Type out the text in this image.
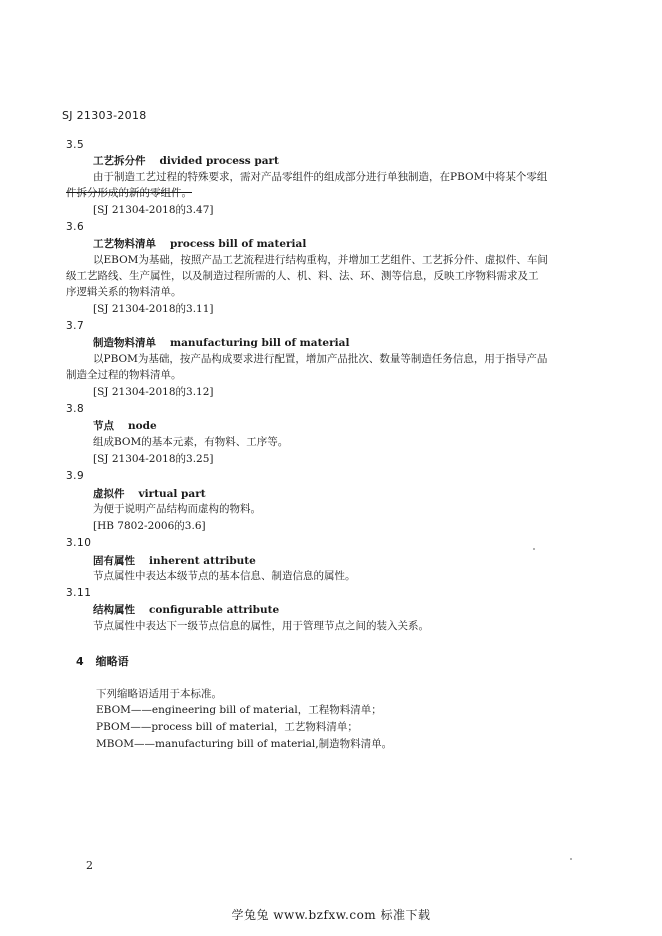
SJ 21303-2018
3.5
工艺拆分件 divided process part
由于制造工艺过程的特殊要求，需对产品零组件的组成部分进行单独制造，在PBOM中将某个零组
件拆分形成的新的零组件。
[SJ 21304-2018的3.47]
3.6
工艺物料清单 process bill of material
以EBOM为基础，按照产品工艺流程进行结构重构，并增加工艺组件、工艺拆分件、虚拟件、车间
级工艺路线、生产属性，以及制造过程所需的人、机、料、法、环、测等信息，反映工序物料需求及工
序逻辑关系的物料清单。
[SJ 21304-2018的3.11]
3.7
制造物料清单 manufacturing bill of material
以PBOM为基础，按产品构成要求进行配置，增加产品批次、数量等制造任务信息，用于指导产品
制造全过程的物料清单。
[SJ 21304-2018的3.12]
3.8
节点 node
组成BOM的基本元素，有物料、工序等。
[SJ 21304-2018的3.25]
3.9
虚拟件 virtual part
为便于说明产品结构而虚构的物料。
[HB 7802-2006的3.6]
3.10
固有属性 inherent attribute
节点属性中表达本级节点的基本信息、制造信息的属性。
3.11
结构属性 configurable attribute
节点属性中表达下一级节点信息的属性，用于管理节点之间的装入关系。
4 缩略语
下列缩略语适用于本标准。
EBOM——engineering bill of material，工程物料清单；
PBOM——process bill of material，工艺物料清单；
MBOM——manufacturing bill of material,制造物料清单。
2
学兔兔 www.bzfxw.com 标准下载
